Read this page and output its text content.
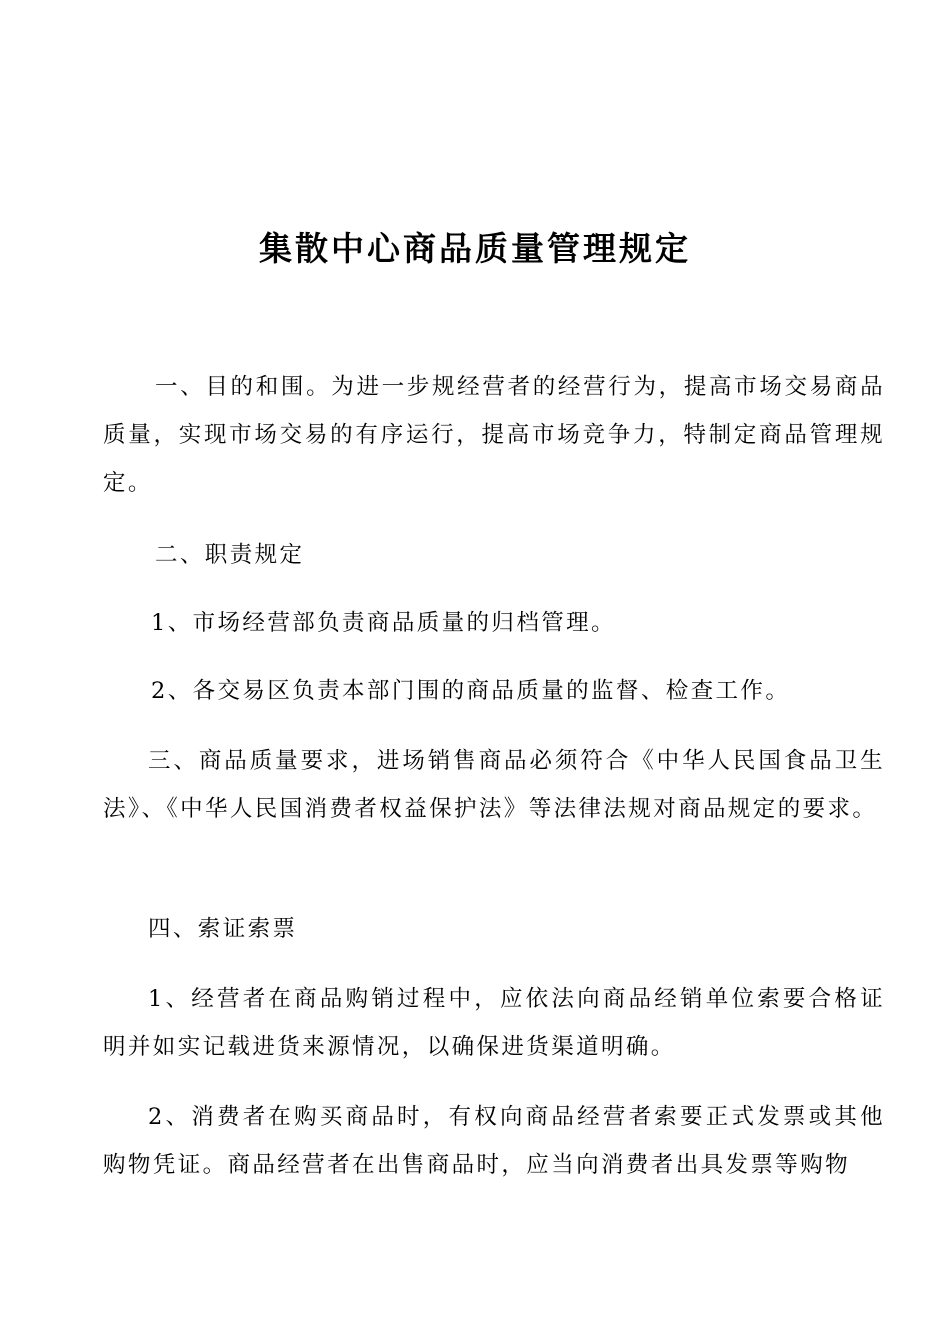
集散中心商品质量管理规定

一、目的和围。为进一步规经营者的经营行为，提高市场交易商品质量，实现市场交易的有序运行，提高市场竞争力，特制定商品管理规定。

二、职责规定

1、市场经营部负责商品质量的归档管理。

2、各交易区负责本部门围的商品质量的监督、检查工作。

三、商品质量要求，进场销售商品必须符合《中华人民国食品卫生法》、《中华人民国消费者权益保护法》等法律法规对商品规定的要求。

四、索证索票

1、经营者在商品购销过程中，应依法向商品经销单位索要合格证明并如实记载进货来源情况，以确保进货渠道明确。

2、消费者在购买商品时，有权向商品经营者索要正式发票或其他购物凭证。商品经营者在出售商品时，应当向消费者出具发票等购物
